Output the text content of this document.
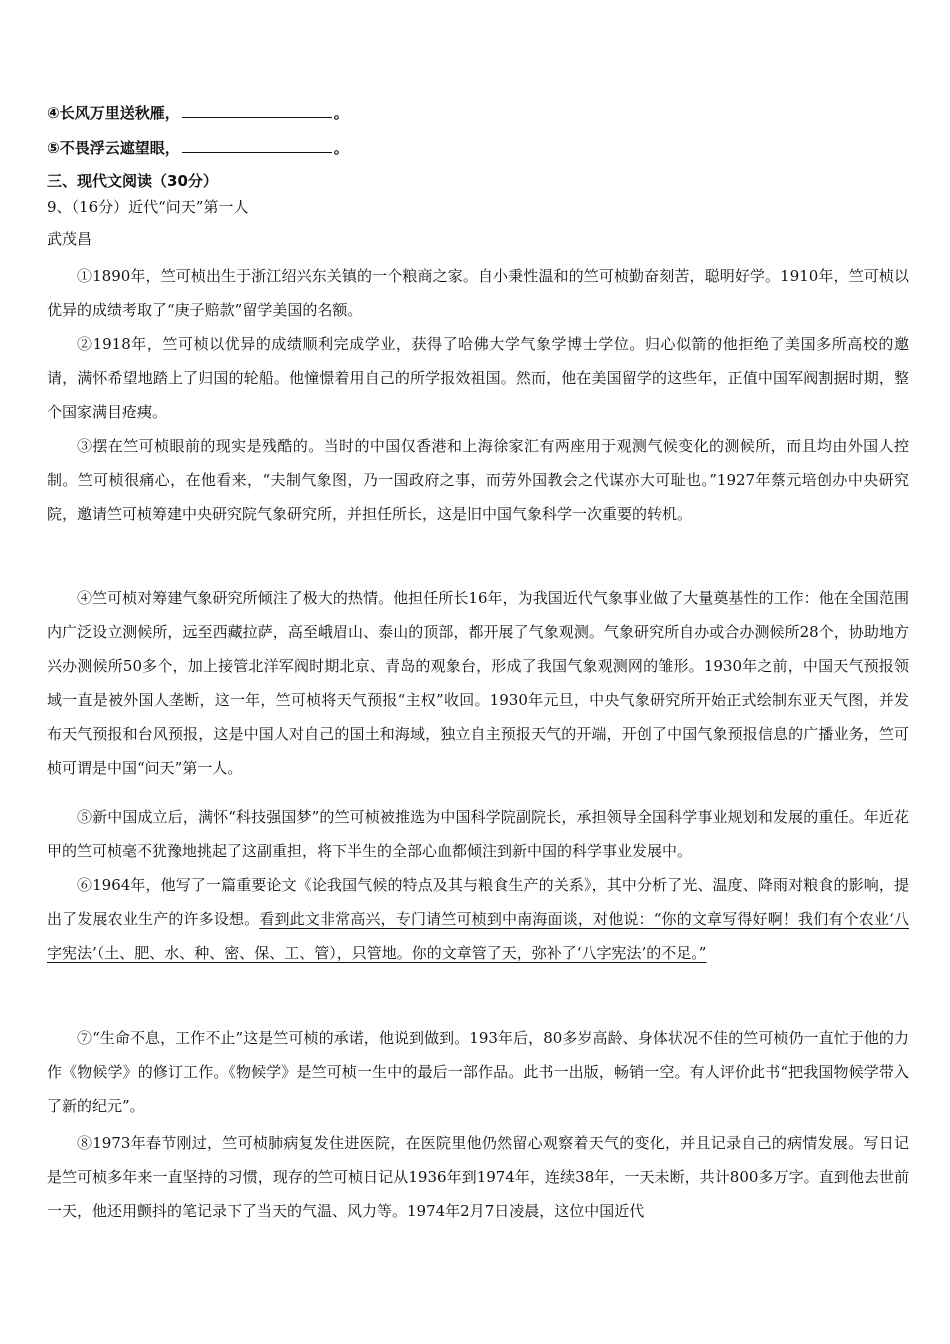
④长风万里送秋雁，	。
⑤不畏浮云遮望眼，	。
三、现代文阅读（30分）
9、（16分）近代“问天”第一人
武茂昌
①1890年，竺可桢出生于浙江绍兴东关镇的一个粮商之家。自小秉性温和的竺可桢勤奋刻苦，聪明好学。1910年，竺可桢以优异的成绩考取了“庚子赔款”留学美国的名额。
②1918年，竺可桢以优异的成绩顺利完成学业，获得了哈佛大学气象学博士学位。归心似箭的他拒绝了美国多所高校的邀请，满怀希望地踏上了归国的轮船。他憧憬着用自己的所学报效祖国。然而，他在美国留学的这些年，正值中国军阀割据时期，整个国家满目疮痍。
③摆在竺可桢眼前的现实是残酷的。当时的中国仅香港和上海徐家汇有两座用于观测气候变化的测候所，而且均由外国人控制。竺可桢很痛心，在他看来，“夫制气象图，乃一国政府之事，而劳外国教会之代谋亦大可耻也。”1927年蔡元培创办中央研究院，邀请竺可桢筹建中央研究院气象研究所，并担任所长，这是旧中国气象科学一次重要的转机。
④竺可桢对筹建气象研究所倾注了极大的热情。他担任所长16年，为我国近代气象事业做了大量奠基性的工作：他在全国范围内广泛设立测候所，远至西藏拉萨，高至峨眉山、泰山的顶部，都开展了气象观测。气象研究所自办或合办测候所28个，协助地方兴办测候所50多个，加上接管北洋军阀时期北京、青岛的观象台，形成了我国气象观测网的雏形。1930年之前，中国天气预报领域一直是被外国人垄断，这一年，竺可桢将天气预报“主权”收回。1930年元旦，中央气象研究所开始正式绘制东亚天气图，并发布天气预报和台风预报，这是中国人对自己的国土和海域，独立自主预报天气的开端，开创了中国气象预报信息的广播业务，竺可桢可谓是中国“问天”第一人。
⑤新中国成立后，满怀“科技强国梦”的竺可桢被推选为中国科学院副院长，承担领导全国科学事业规划和发展的重任。年近花甲的竺可桢毫不犹豫地挑起了这副重担，将下半生的全部心血都倾注到新中国的科学事业发展中。
⑥1964年，他写了一篇重要论文《论我国气候的特点及其与粮食生产的关系》，其中分析了光、温度、降雨对粮食的影响，提出了发展农业生产的许多设想。看到此文非常高兴，专门请竺可桢到中南海面谈，对他说：“你的文章写得好啊！我们有个农业‘八字宪法’（土、肥、水、种、密、保、工、管），只管地。你的文章管了天，弥补了‘八字宪法’的不足。”
⑦“生命不息，工作不止”这是竺可桢的承诺，他说到做到。193年后，80多岁高龄、身体状况不佳的竺可桢仍一直忙于他的力作《物候学》的修订工作。《物候学》是竺可桢一生中的最后一部作品。此书一出版，畅销一空。有人评价此书“把我国物候学带入了新的纪元”。
⑧1973年春节刚过，竺可桢肺病复发住进医院，在医院里他仍然留心观察着天气的变化，并且记录自己的病情发展。写日记是竺可桢多年来一直坚持的习惯，现存的竺可桢日记从1936年到1974年，连续38年，一天未断，共计800多万字。直到他去世前一天，他还用颤抖的笔记录下了当天的气温、风力等。1974年2月7日凌晨，这位中国近代
